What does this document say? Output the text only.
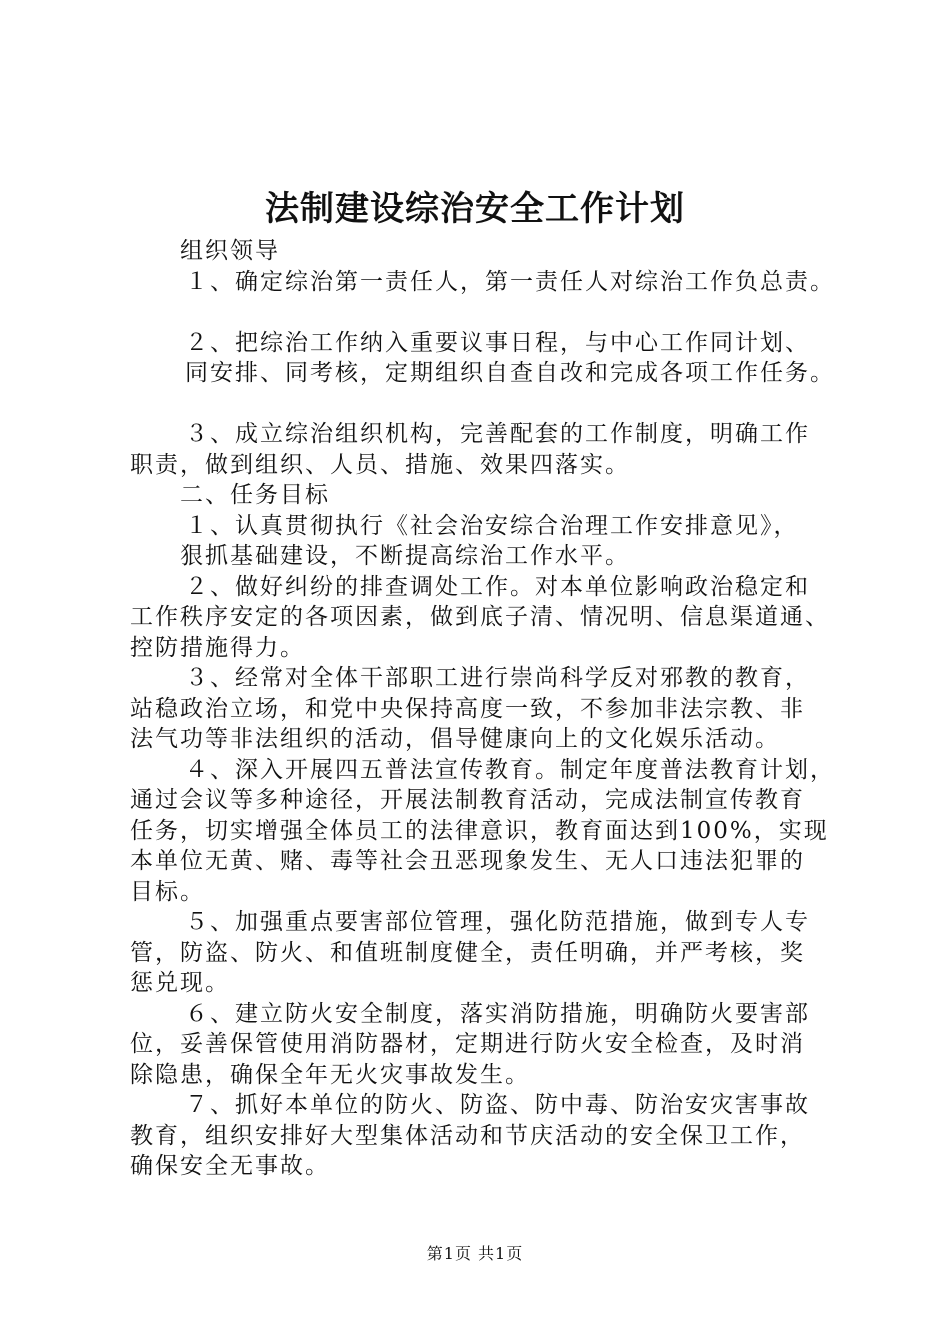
法制建设综治安全工作计划
组织领导
１、确定综治第一责任人，第一责任人对综治工作负总责。
２、把综治工作纳入重要议事日程，与中心工作同计划、
同安排、同考核，定期组织自查自改和完成各项工作任务。
３、成立综治组织机构，完善配套的工作制度，明确工作
职责，做到组织、人员、措施、效果四落实。
二、任务目标
１、认真贯彻执行《社会治安综合治理工作安排意见》，
狠抓基础建设，不断提高综治工作水平。
２、做好纠纷的排查调处工作。对本单位影响政治稳定和
工作秩序安定的各项因素，做到底子清、情况明、信息渠道通、
控防措施得力。
３、经常对全体干部职工进行崇尚科学反对邪教的教育，
站稳政治立场，和党中央保持高度一致，不参加非法宗教、非
法气功等非法组织的活动，倡导健康向上的文化娱乐活动。
４、深入开展四五普法宣传教育。制定年度普法教育计划，
通过会议等多种途径，开展法制教育活动，完成法制宣传教育
任务，切实增强全体员工的法律意识，教育面达到100%，实现
本单位无黄、赌、毒等社会丑恶现象发生、无人口违法犯罪的
目标。
５、加强重点要害部位管理，强化防范措施，做到专人专
管，防盗、防火、和值班制度健全，责任明确，并严考核，奖
惩兑现。
６、建立防火安全制度，落实消防措施，明确防火要害部
位，妥善保管使用消防器材，定期进行防火安全检查，及时消
除隐患，确保全年无火灾事故发生。
７、抓好本单位的防火、防盗、防中毒、防治安灾害事故
教育，组织安排好大型集体活动和节庆活动的安全保卫工作，
确保安全无事故。
第1页 共1页
